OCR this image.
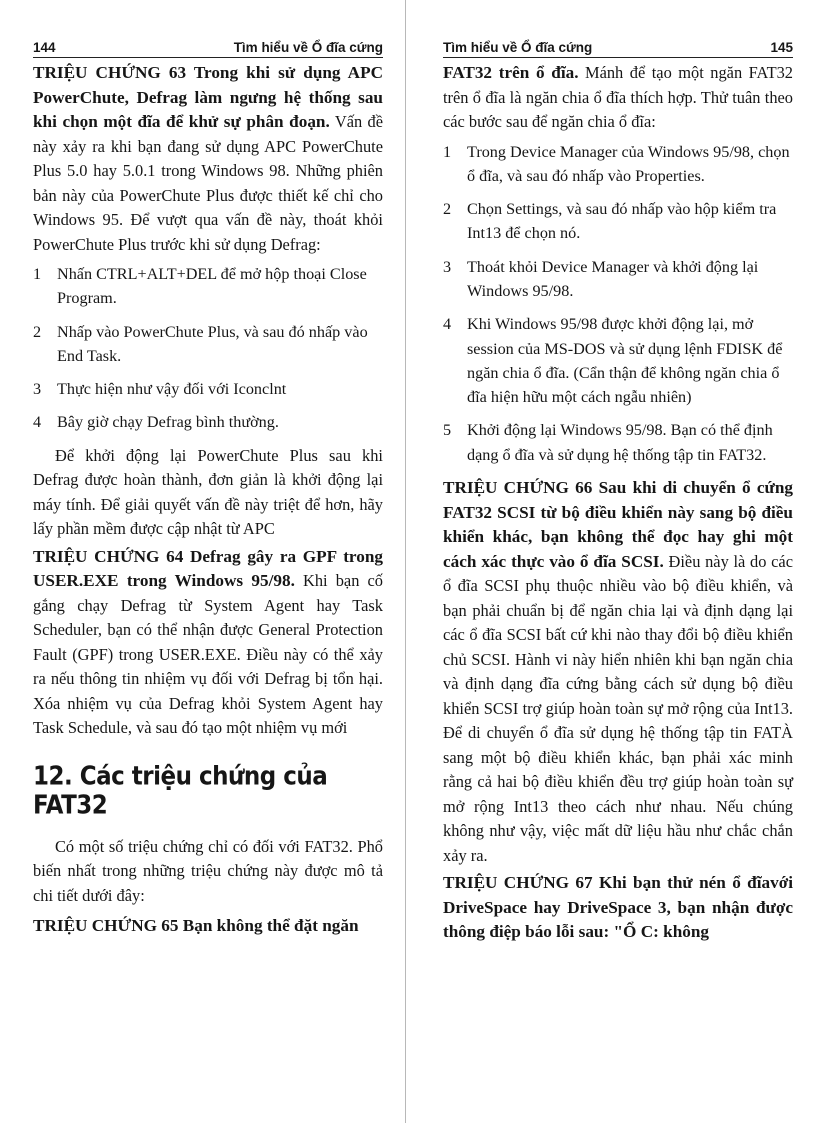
144	Tìm hiểu về Ổ đĩa cứng

TRIỆU CHỨNG 63 Trong khi sử dụng APC PowerChute, Defrag làm ngưng hệ thống sau khi chọn một đĩa để khử sự phân đoạn. Vấn đề này xảy ra khi bạn đang sử dụng APC PowerChute Plus 5.0 hay 5.0.1 trong Windows 98. Những phiên bản này của PowerChute Plus được thiết kế chỉ cho Windows 95. Để vượt qua vấn đề này, thoát khỏi PowerChute Plus trước khi sử dụng Defrag:

1 Nhấn CTRL+ALT+DEL để mở hộp thoại Close Program.
2 Nhấp vào PowerChute Plus, và sau đó nhấp vào End Task.
3 Thực hiện như vậy đối với Iconclnt
4 Bây giờ chạy Defrag bình thường.

Để khởi động lại PowerChute Plus sau khi Defrag được hoàn thành, đơn giản là khởi động lại máy tính. Để giải quyết vấn đề này triệt để hơn, hãy lấy phần mềm được cập nhật từ APC

TRIỆU CHỨNG 64 Defrag gây ra GPF trong USER.EXE trong Windows 95/98. Khi bạn cố gắng chạy Defrag từ System Agent hay Task Scheduler, bạn có thể nhận được General Protection Fault (GPF) trong USER.EXE. Điều này có thể xảy ra nếu thông tin nhiệm vụ đối với Defrag bị tổn hại. Xóa nhiệm vụ của Defrag khỏi System Agent hay Task Schedule, và sau đó tạo một nhiệm vụ mới

12. Các triệu chứng của FAT32

Có một số triệu chứng chỉ có đối với FAT32. Phổ biến nhất trong những triệu chứng này được mô tả chi tiết dưới đây:

TRIỆU CHỨNG 65 Bạn không thể đặt ngăn

Tìm hiểu về Ổ đĩa cứng	145

FAT32 trên ổ đĩa. Mánh để tạo một ngăn FAT32 trên ổ đĩa là ngăn chia ổ đĩa thích hợp. Thử tuân theo các bước sau để ngăn chia ổ đĩa:

1 Trong Device Manager của Windows 95/98, chọn ổ đĩa, và sau đó nhấp vào Properties.
2 Chọn Settings, và sau đó nhấp vào hộp kiểm tra Int13 để chọn nó.
3 Thoát khỏi Device Manager và khởi động lại Windows 95/98.
4 Khi Windows 95/98 được khởi động lại, mở session của MS-DOS và sử dụng lệnh FDISK để ngăn chia ổ đĩa. (Cẩn thận để không ngăn chia ổ đĩa hiện hữu một cách ngẫu nhiên)
5 Khởi động lại Windows 95/98. Bạn có thể định dạng ổ đĩa và sử dụng hệ thống tập tin FAT32.

TRIỆU CHỨNG 66 Sau khi di chuyển ổ cứng FAT32 SCSI từ bộ điều khiển này sang bộ điều khiển khác, bạn không thể đọc hay ghi một cách xác thực vào ổ đĩa SCSI. Điều này là do các ổ đĩa SCSI phụ thuộc nhiều vào bộ điều khiển, và bạn phải chuẩn bị để ngăn chia lại và định dạng lại các ổ đĩa SCSI bất cứ khi nào thay đổi bộ điều khiển chủ SCSI. Hành vi này hiển nhiên khi bạn ngăn chia và định dạng đĩa cứng bằng cách sử dụng bộ điều khiển SCSI trợ giúp hoàn toàn sự mở rộng của Int13. Để di chuyển ổ đĩa sử dụng hệ thống tập tin FATÀ sang một bộ điều khiển khác, bạn phải xác minh rằng cả hai bộ điều khiển đều trợ giúp hoàn toàn sự mở rộng Int13 theo cách như nhau. Nếu chúng không như vậy, việc mất dữ liệu hầu như chắc chắn xảy ra.

TRIỆU CHỨNG 67 Khi bạn thử nén ổ đĩavới DriveSpace hay DriveSpace 3, bạn nhận được thông điệp báo lỗi sau: "Ổ C: không
